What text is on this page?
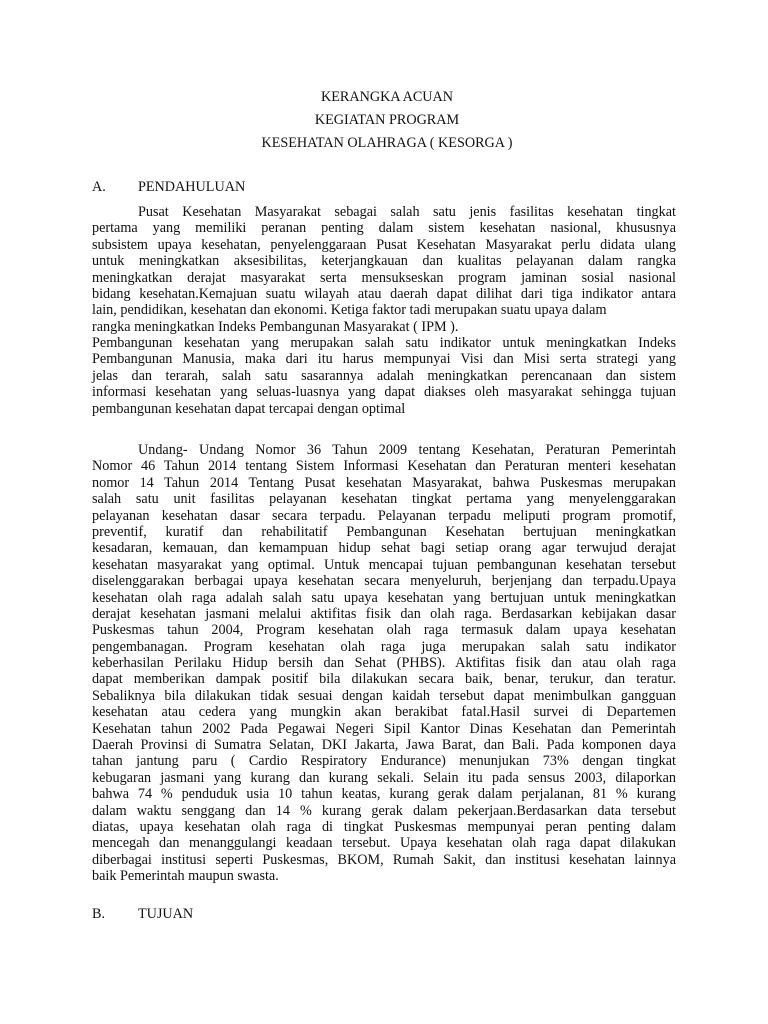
KERANGKA ACUAN
KEGIATAN PROGRAM
KESEHATAN OLAHRAGA ( KESORGA )
A. PENDAHULUAN
Pusat Kesehatan Masyarakat sebagai salah satu jenis fasilitas kesehatan tingkat
pertama yang memiliki peranan penting dalam sistem kesehatan nasional, khususnya
subsistem upaya kesehatan, penyelenggaraan Pusat Kesehatan Masyarakat perlu didata ulang
untuk meningkatkan aksesibilitas, keterjangkauan dan kualitas pelayanan dalam rangka
meningkatkan derajat masyarakat serta mensukseskan program jaminan sosial nasional
bidang kesehatan.Kemajuan suatu wilayah atau daerah dapat dilihat dari tiga indikator antara
lain, pendidikan, kesehatan dan ekonomi. Ketiga faktor tadi merupakan suatu upaya dalam
rangka meningkatkan Indeks Pembangunan Masyarakat ( IPM ).
Pembangunan kesehatan yang merupakan salah satu indikator untuk meningkatkan Indeks
Pembangunan Manusia, maka dari itu harus mempunyai Visi dan Misi serta strategi yang
jelas dan terarah, salah satu sasarannya adalah meningkatkan perencanaan dan sistem
informasi kesehatan yang seluas-luasnya yang dapat diakses oleh masyarakat sehingga tujuan
pembangunan kesehatan dapat tercapai dengan optimal
Undang- Undang Nomor 36 Tahun 2009 tentang Kesehatan, Peraturan Pemerintah
Nomor 46 Tahun 2014 tentang Sistem Informasi Kesehatan dan Peraturan menteri kesehatan
nomor 14 Tahun 2014 Tentang Pusat kesehatan Masyarakat, bahwa Puskesmas merupakan
salah satu unit fasilitas pelayanan kesehatan tingkat pertama yang menyelenggarakan
pelayanan kesehatan dasar secara terpadu. Pelayanan terpadu meliputi program promotif,
preventif, kuratif dan rehabilitatif Pembangunan Kesehatan bertujuan meningkatkan
kesadaran, kemauan, dan kemampuan hidup sehat bagi setiap orang agar terwujud derajat
kesehatan masyarakat yang optimal. Untuk mencapai tujuan pembangunan kesehatan tersebut
diselenggarakan berbagai upaya kesehatan secara menyeluruh, berjenjang dan terpadu.Upaya
kesehatan olah raga adalah salah satu upaya kesehatan yang bertujuan untuk meningkatkan
derajat kesehatan jasmani melalui aktifitas fisik dan olah raga. Berdasarkan kebijakan dasar
Puskesmas tahun 2004, Program kesehatan olah raga termasuk dalam upaya kesehatan
pengembanagan. Program kesehatan olah raga juga merupakan salah satu indikator
keberhasilan Perilaku Hidup bersih dan Sehat (PHBS). Aktifitas fisik dan atau olah raga
dapat memberikan dampak positif bila dilakukan secara baik, benar, terukur, dan teratur.
Sebaliknya bila dilakukan tidak sesuai dengan kaidah tersebut dapat menimbulkan gangguan
kesehatan atau cedera yang mungkin akan berakibat fatal.Hasil survei di Departemen
Kesehatan tahun 2002 Pada Pegawai Negeri Sipil Kantor Dinas Kesehatan dan Pemerintah
Daerah Provinsi di Sumatra Selatan, DKI Jakarta, Jawa Barat, dan Bali. Pada komponen daya
tahan jantung paru ( Cardio Respiratory Endurance) menunjukan 73% dengan tingkat
kebugaran jasmani yang kurang dan kurang sekali. Selain itu pada sensus 2003, dilaporkan
bahwa 74 % penduduk usia 10 tahun keatas, kurang gerak dalam perjalanan, 81 % kurang
dalam waktu senggang dan 14 % kurang gerak dalam pekerjaan.Berdasarkan data tersebut
diatas, upaya kesehatan olah raga di tingkat Puskesmas mempunyai peran penting dalam
mencegah dan menanggulangi keadaan tersebut. Upaya kesehatan olah raga dapat dilakukan
diberbagai institusi seperti Puskesmas, BKOM, Rumah Sakit, dan institusi kesehatan lainnya
baik Pemerintah maupun swasta.
B. TUJUAN
